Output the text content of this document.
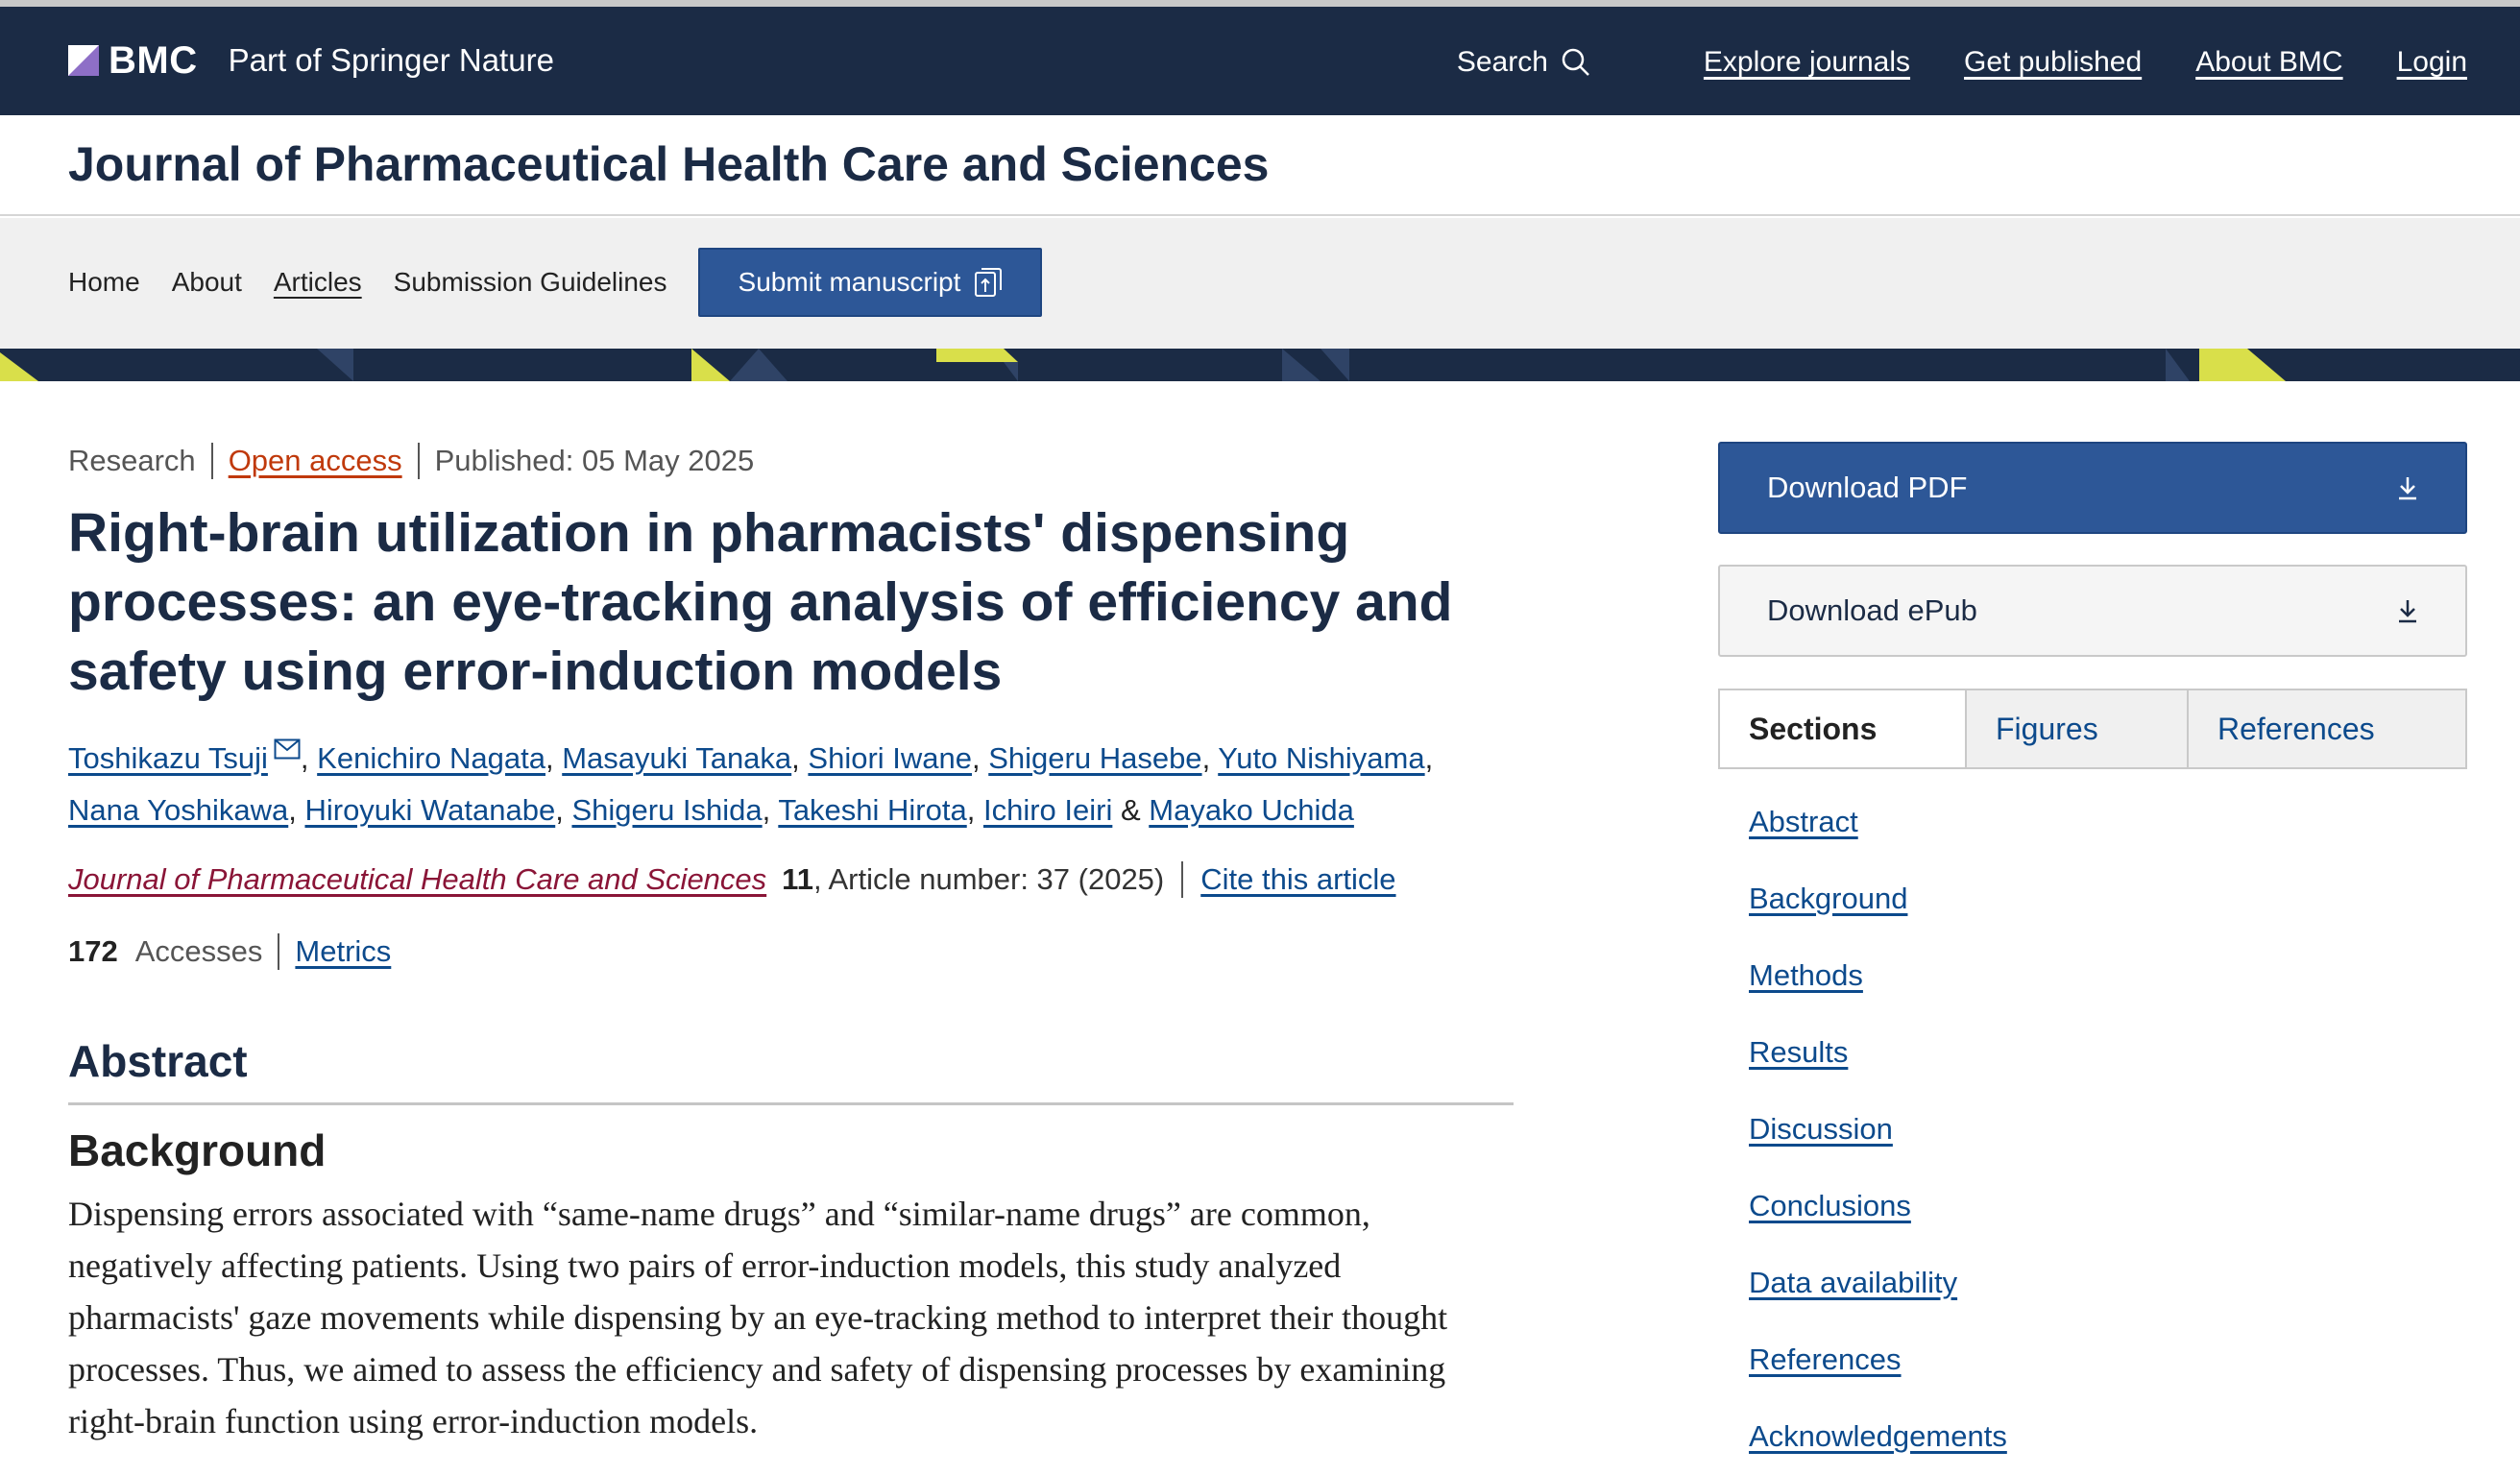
BMC Part of Springer Nature	Search	Explore journals Get published About BMC Login
Journal of Pharmaceutical Health Care and Sciences
Home About Articles Submission Guidelines	Submit manuscript
Research Open access Published: 05 May 2025
Right-brain utilization in pharmacists' dispensing processes: an eye-tracking analysis of efficiency and safety using error-induction models
Toshikazu Tsuji , Kenichiro Nagata, Masayuki Tanaka, Shiori Iwane, Shigeru Hasebe, Yuto Nishiyama,
Nana Yoshikawa, Hiroyuki Watanabe, Shigeru Ishida, Takeshi Hirota, Ichiro Ieiri & Mayako Uchida
Journal of Pharmaceutical Health Care and Sciences 11 , Article number: 37 (2025) Cite this article
172 Accesses Metrics
Abstract
Background

Dispensing errors associated with “same-name drugs” and “similar-name drugs” are common, negatively affecting patients. Using two pairs of error-induction models, this study analyzed pharmacists' gaze movements while dispensing by an eye-tracking method to interpret their thought processes. Thus, we aimed to assess the efficiency and safety of dispensing processes by examining right-brain function using error-induction models.

Download PDF
Download ePub
Sections	Figures	References
Abstract
Background
Methods
Results
Discussion
Conclusions
Data availability
References
Acknowledgements
